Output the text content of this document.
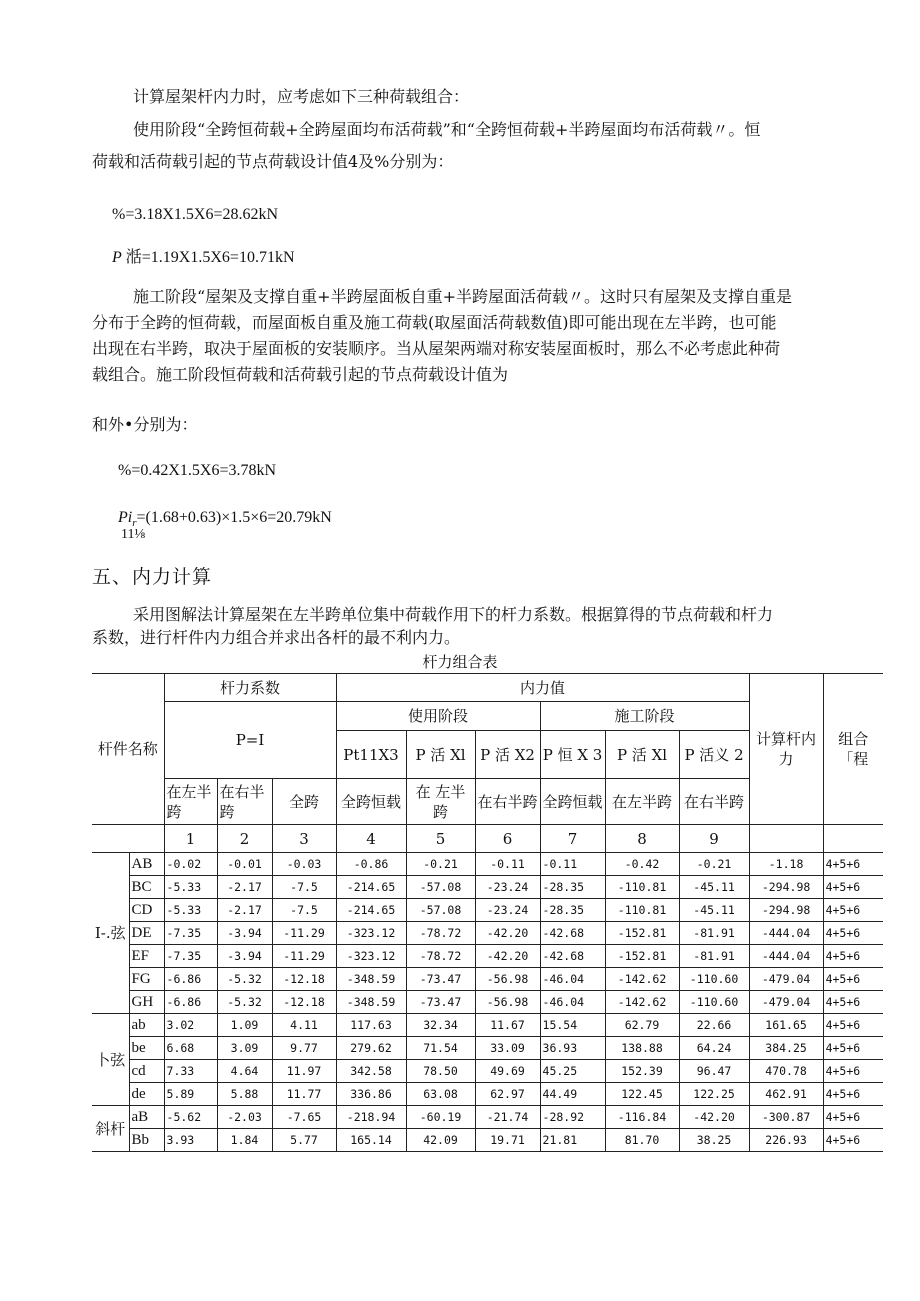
计算屋架杆内力时，应考虑如下三种荷载组合：
使用阶段“全跨恒荷载+全跨屋面均布活荷载”和“全跨恒荷载+半跨屋面均布活荷载〃。恒
荷载和活荷载引起的节点荷载设计值4及%分别为：
%=3.18X1.5X6=28.62kN
P 湉=1.19X1.5X6=10.71kN
施工阶段“屋架及支撑自重+半跨屋面板自重+半跨屋面活荷载〃。这时只有屋架及支撑自重是
分布于全跨的恒荷载，而屋面板自重及施工荷载(取屋面活荷载数值)即可能出现在左半跨，也可能
出现在右半跨，取决于屋面板的安装顺序。当从屋架两端对称安装屋面板时，那么不必考虑此种荷
载组合。施工阶段恒荷载和活荷载引起的节点荷载设计值为
和外•分别为：
%=0.42X1.5X6=3.78kN
$Pi_r=(1.68+0.63)\times 1.5\times 6=20.79kN$
11⅛
五、内力计算
采用图解法计算屋架在左半跨单位集中荷载作用下的杆力系数。根据算得的节点荷载和杆力
系数，进行杆件内力组合并求出各杆的最不利内力。
杆力组合表
杆件名称		杆力系数			内力值						计算杆内力	组合「程
		P=I			使用阶段			施工阶段				
					Pt11X3	P 活 Xl	P 活 X2	P 恒 X 3	P 活 Xl	P 活义 2		
		在左半跨	在右半跨	全跨	全跨恒载	在 左半跨	在右半跨	全跨恒载	在左半跨	在右半跨		
		1	2	3	4	5	6	7	8	9		
I-.弦	AB	-0.02	-0.01	-0.03	-0.86	-0.21	-0.11	-0.11	-0.42	-0.21	-1.18	4+5+6
	BC	-5.33	-2.17	-7.5	-214.65	-57.08	-23.24	-28.35	-110.81	-45.11	-294.98	4+5+6
	CD	-5.33	-2.17	-7.5	-214.65	-57.08	-23.24	-28.35	-110.81	-45.11	-294.98	4+5+6
	DE	-7.35	-3.94	-11.29	-323.12	-78.72	-42.20	-42.68	-152.81	-81.91	-444.04	4+5+6
	EF	-7.35	-3.94	-11.29	-323.12	-78.72	-42.20	-42.68	-152.81	-81.91	-444.04	4+5+6
	FG	-6.86	-5.32	-12.18	-348.59	-73.47	-56.98	-46.04	-142.62	-110.60	-479.04	4+5+6
	GH	-6.86	-5.32	-12.18	-348.59	-73.47	-56.98	-46.04	-142.62	-110.60	-479.04	4+5+6
卜弦	ab	3.02	1.09	4.11	117.63	32.34	11.67	15.54	62.79	22.66	161.65	4+5+6
	be	6.68	3.09	9.77	279.62	71.54	33.09	36.93	138.88	64.24	384.25	4+5+6
	cd	7.33	4.64	11.97	342.58	78.50	49.69	45.25	152.39	96.47	470.78	4+5+6
	de	5.89	5.88	11.77	336.86	63.08	62.97	44.49	122.45	122.25	462.91	4+5+6
斜杆	aB	-5.62	-2.03	-7.65	-218.94	-60.19	-21.74	-28.92	-116.84	-42.20	-300.87	4+5+6
	Bb	3.93	1.84	5.77	165.14	42.09	19.71	21.81	81.70	38.25	226.93	4+5+6
